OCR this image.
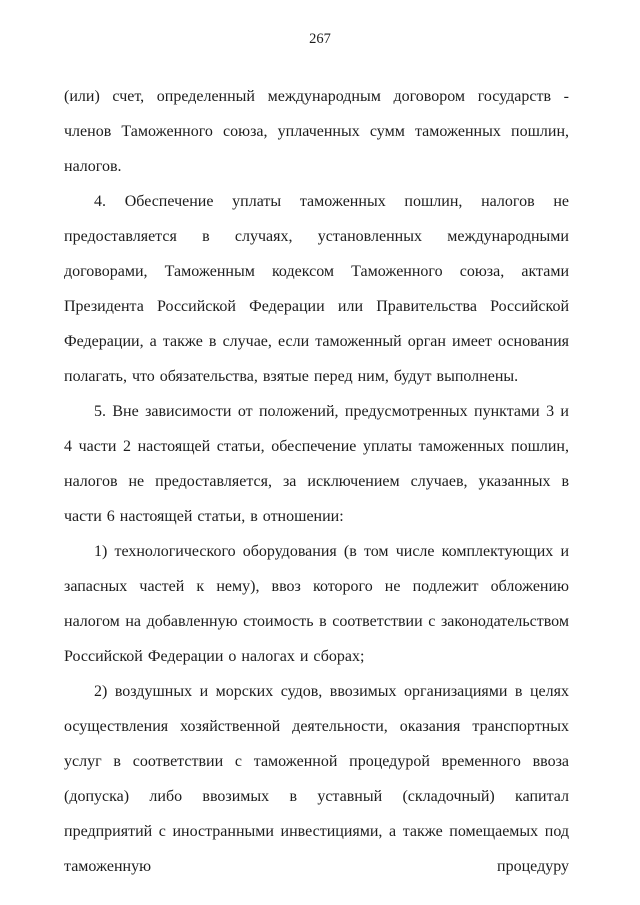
267

(или) счет, определенный международным договором государств - членов Таможенного союза, уплаченных сумм таможенных пошлин, налогов.

4. Обеспечение уплаты таможенных пошлин, налогов не предоставляется в случаях, установленных международными договорами, Таможенным кодексом Таможенного союза, актами Президента Российской Федерации или Правительства Российской Федерации, а также в случае, если таможенный орган имеет основания полагать, что обязательства, взятые перед ним, будут выполнены.

5. Вне зависимости от положений, предусмотренных пунктами 3 и 4 части 2 настоящей статьи, обеспечение уплаты таможенных пошлин, налогов не предоставляется, за исключением случаев, указанных в части 6 настоящей статьи, в отношении:

1) технологического оборудования (в том числе комплектующих и запасных частей к нему), ввоз которого не подлежит обложению налогом на добавленную стоимость в соответствии с законодательством Российской Федерации о налогах и сборах;

2) воздушных и морских судов, ввозимых организациями в целях осуществления хозяйственной деятельности, оказания транспортных услуг в соответствии с таможенной процедурой временного ввоза (допуска) либо ввозимых в уставный (складочный) капитал предприятий с иностранными инвестициями, а также помещаемых под таможенную процедуру
